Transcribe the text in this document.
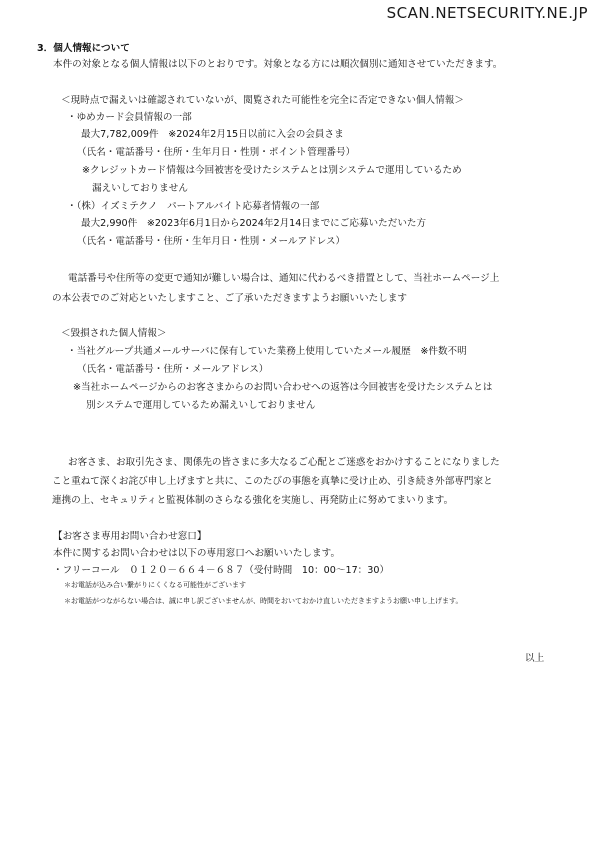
SCAN.NETSECURITY.NE.JP
3．個人情報について
本件の対象となる個人情報は以下のとおりです。対象となる方には順次個別に通知させていただきます。
＜現時点で漏えいは確認されていないが、閲覧された可能性を完全に否定できない個人情報＞
・ゆめカード会員情報の一部
最大7,782,009件　※2024年2月15日以前に入会の会員さま
（氏名・電話番号・住所・生年月日・性別・ポイント管理番号）
※クレジットカード情報は今回被害を受けたシステムとは別システムで運用しているため
漏えいしておりません
・（株）イズミテクノ　パートアルバイト応募者情報の一部
最大2,990件　※2023年6月1日から2024年2月14日までにご応募いただいた方
（氏名・電話番号・住所・生年月日・性別・メールアドレス）
電話番号や住所等の変更で通知が難しい場合は、通知に代わるべき措置として、当社ホームページ上
の本公表でのご対応といたしますこと、ご了承いただきますようお願いいたします
＜毀損された個人情報＞
・当社グループ共通メールサーバに保有していた業務上使用していたメール履歴　※件数不明
（氏名・電話番号・住所・メールアドレス）
※当社ホームページからのお客さまからのお問い合わせへの返答は今回被害を受けたシステムとは
別システムで運用しているため漏えいしておりません
お客さま、お取引先さま、関係先の皆さまに多大なるご心配とご迷惑をおかけすることになりました
こと重ねて深くお詫び申し上げますと共に、このたびの事態を真摯に受け止め、引き続き外部専門家と
連携の上、セキュリティと監視体制のさらなる強化を実施し、再発防止に努めてまいります。
【お客さま専用お問い合わせ窓口】
本件に関するお問い合わせは以下の専用窓口へお願いいたします。
・フリーコール　０１２０－６６４－６８７（受付時間　10：00～17：30）
＊お電話が込み合い繋がりにくくなる可能性がございます
＊お電話がつながらない場合は、誠に申し訳ございませんが、時間をおいておかけ直しいただきますようお願い申し上げます。
以上
